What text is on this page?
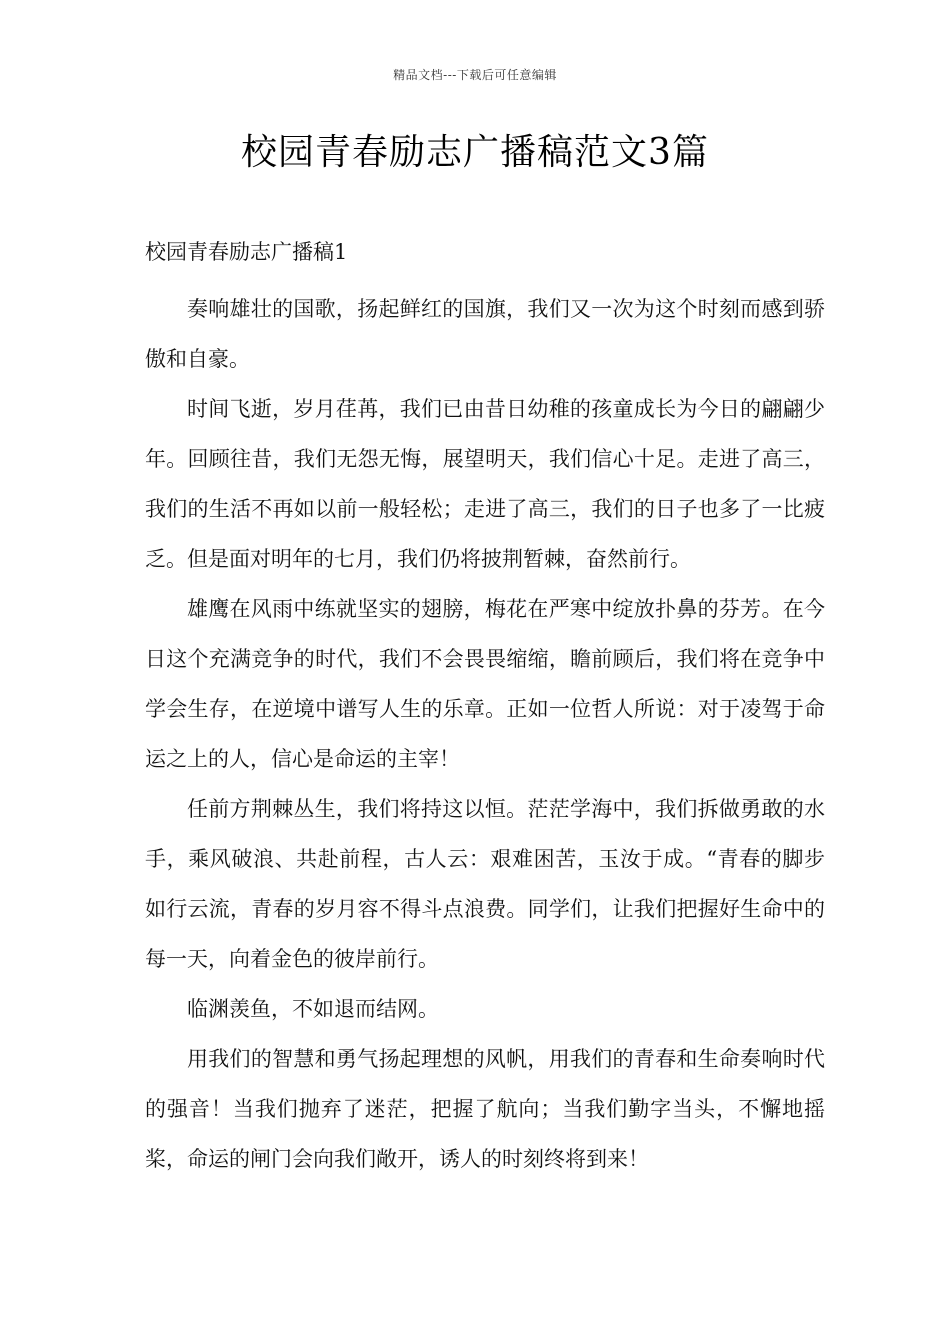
精品文档---下载后可任意编辑
校园青春励志广播稿范文3篇

校园青春励志广播稿1

奏响雄壮的国歌，扬起鲜红的国旗，我们又一次为这个时刻而感到骄傲和自豪。

时间飞逝，岁月荏苒，我们已由昔日幼稚的孩童成长为今日的翩翩少年。回顾往昔，我们无怨无悔，展望明天，我们信心十足。走进了高三，我们的生活不再如以前一般轻松；走进了高三，我们的日子也多了一比疲乏。但是面对明年的七月，我们仍将披荆暂棘，奋然前行。

雄鹰在风雨中练就坚实的翅膀，梅花在严寒中绽放扑鼻的芬芳。在今日这个充满竞争的时代，我们不会畏畏缩缩，瞻前顾后，我们将在竞争中学会生存，在逆境中谱写人生的乐章。正如一位哲人所说：对于凌驾于命运之上的人，信心是命运的主宰！

任前方荆棘丛生，我们将持这以恒。茫茫学海中，我们拆做勇敢的水手，乘风破浪、共赴前程，古人云：艰难困苦，玉汝于成。“青春的脚步如行云流，青春的岁月容不得斗点浪费。同学们，让我们把握好生命中的每一天，向着金色的彼岸前行。

临渊羡鱼，不如退而结网。

用我们的智慧和勇气扬起理想的风帆，用我们的青春和生命奏响时代的强音！当我们抛弃了迷茫，把握了航向；当我们勤字当头，不懈地摇桨，命运的闸门会向我们敞开，诱人的时刻终将到来！
